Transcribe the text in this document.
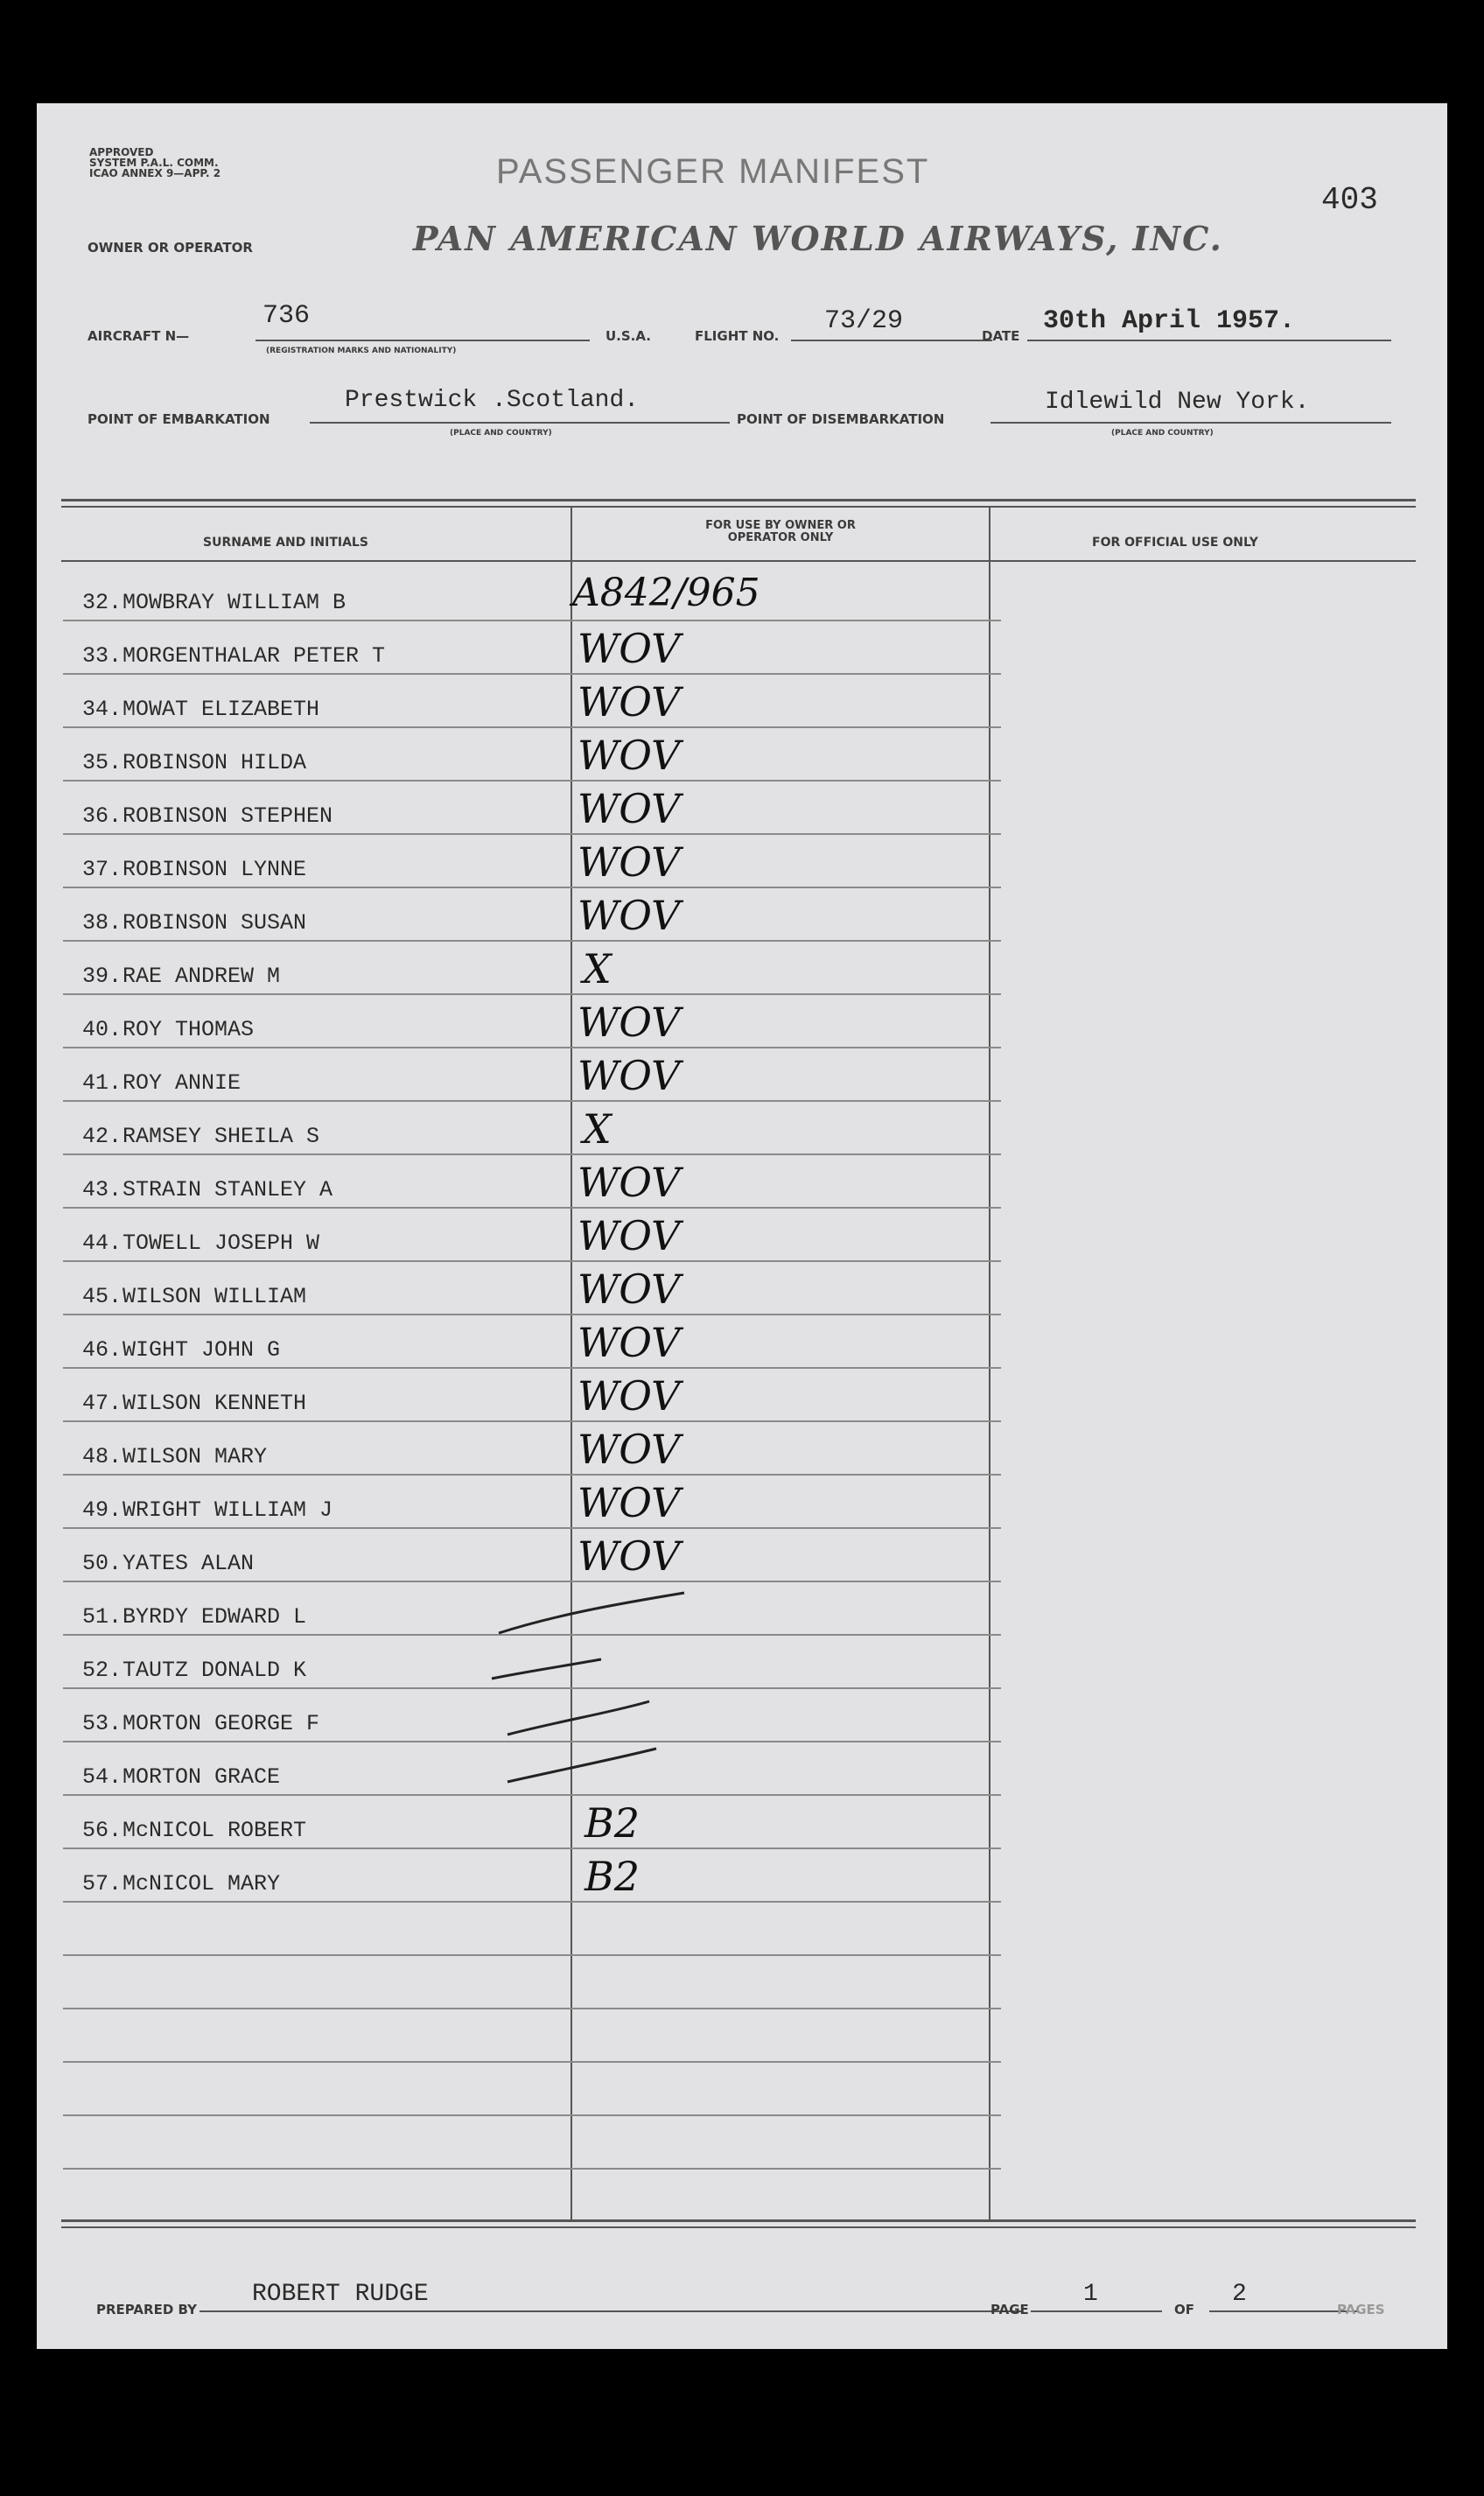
APPROVED
SYSTEM P.A.L. COMM.
ICAO ANNEX 9—APP. 2	PASSENGER MANIFEST
403
OWNER OR OPERATOR	PAN AMERICAN WORLD AIRWAYS, INC.
AIRCRAFT N—
736
(REGISTRATION MARKS AND NATIONALITY)
U.S.A.	FLIGHT NO. 73/29	DATE 30th April 1957.
POINT OF EMBARKATION
Prestwick .Scotland.
(PLACE AND COUNTRY)
POINT OF DISEMBARKATION
Idlewild New York.
(PLACE AND COUNTRY)
SURNAME AND INITIALS
FOR USE BY OWNER OR OPERATOR ONLY	FOR OFFICIAL USE ONLY
32. MOWBRAY WILLIAM B	A842/965
33. MORGENTHALAR PETER T	WOV
34. MOWAT ELIZABETH	WOV
35. ROBINSON HILDA	WOV
36. ROBINSON STEPHEN	WOV
37. ROBINSON LYNNE	WOV
38. ROBINSON SUSAN	WOV
39. RAE ANDREW M	X
40. ROY THOMAS	WOV
41. ROY ANNIE	WOV
42. RAMSEY SHEILA S	X
43. STRAIN STANLEY A	WOV
44. TOWELL JOSEPH W	WOV
45. WILSON WILLIAM	WOV
46. WIGHT JOHN G	WOV
47. WILSON KENNETH	WOV
48. WILSON MARY	WOV
49. WRIGHT WILLIAM J	WOV
50. YATES ALAN	WOV
51. BYRDY EDWARD L
52. TAUTZ DONALD K
53. MORTON GEORGE F
54. MORTON GRACE
56. McNICOL ROBERT	B2
57. McNICOL MARY	B2
PREPARED BY
ROBERT RUDGE
PAGE
1
OF
2
PAGES
